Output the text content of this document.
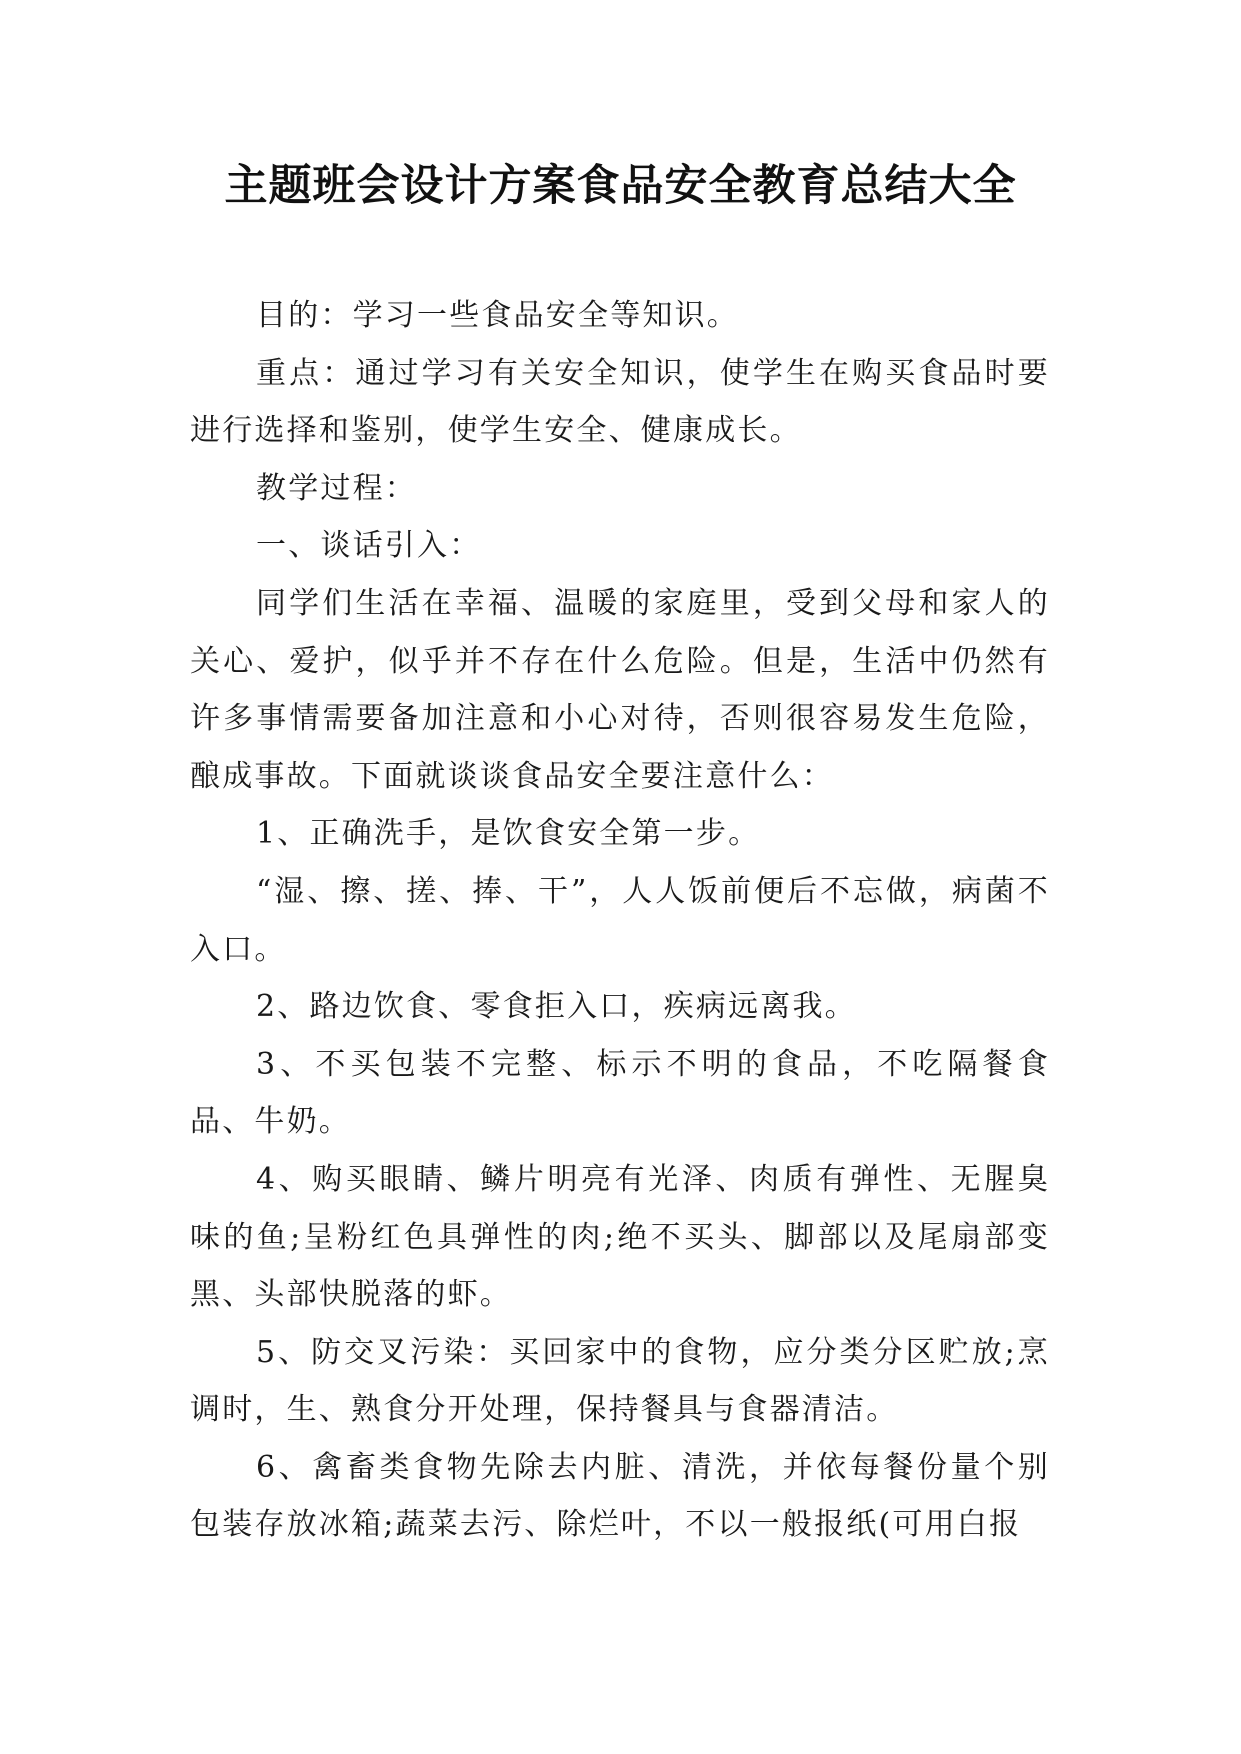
主题班会设计方案食品安全教育总结大全

目的：学习一些食品安全等知识。

重点：通过学习有关安全知识，使学生在购买食品时要进行选择和鉴别，使学生安全、健康成长。

教学过程：

一、谈话引入：

同学们生活在幸福、温暖的家庭里，受到父母和家人的关心、爱护，似乎并不存在什么危险。但是，生活中仍然有许多事情需要备加注意和小心对待，否则很容易发生危险，酿成事故。下面就谈谈食品安全要注意什么：

1、正确洗手，是饮食安全第一步。

“湿、擦、搓、捧、干”，人人饭前便后不忘做，病菌不入口。

2、路边饮食、零食拒入口，疾病远离我。

3、不买包装不完整、标示不明的食品，不吃隔餐食品、牛奶。

4、购买眼睛、鳞片明亮有光泽、肉质有弹性、无腥臭味的鱼;呈粉红色具弹性的肉;绝不买头、脚部以及尾扇部变黑、头部快脱落的虾。

5、防交叉污染：买回家中的食物，应分类分区贮放;烹调时，生、熟食分开处理，保持餐具与食器清洁。

6、禽畜类食物先除去内脏、清洗，并依每餐份量个别包装存放冰箱;蔬菜去污、除烂叶，不以一般报纸(可用白报
